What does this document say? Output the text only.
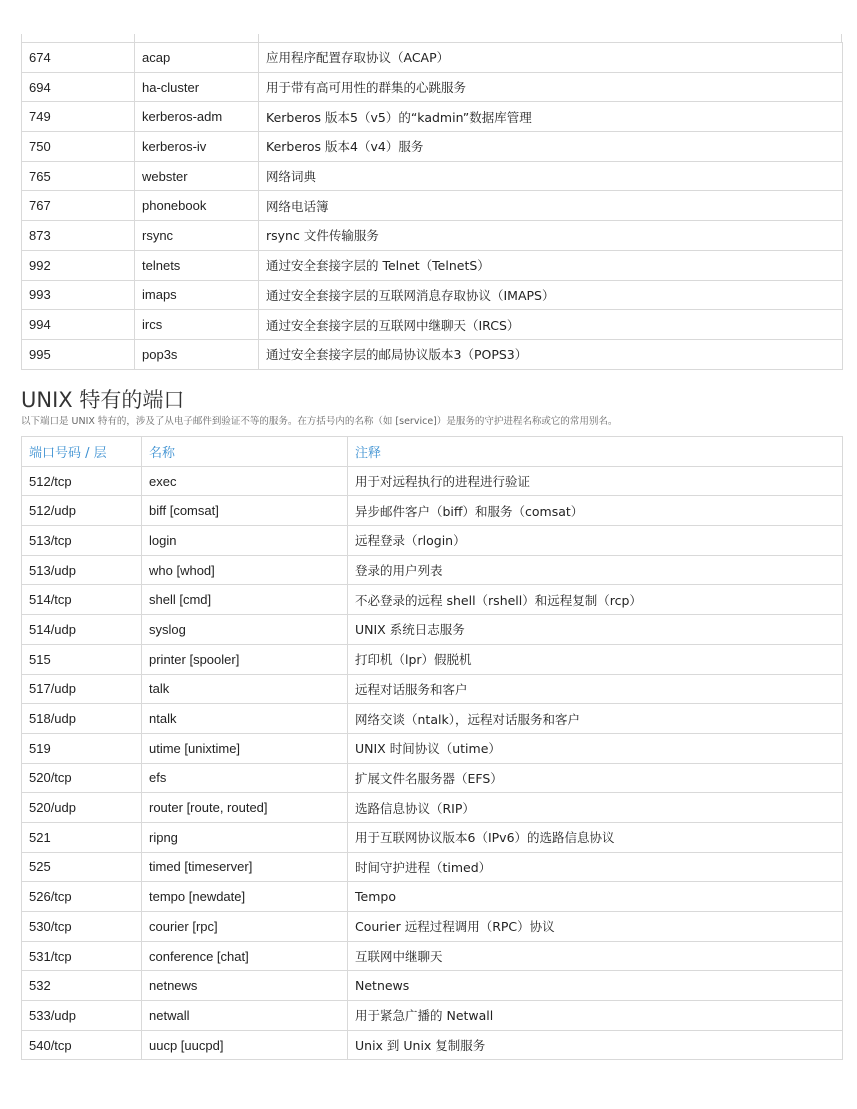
674	acap	应用程序配置存取协议（ACAP）
694	ha-cluster	用于带有高可用性的群集的心跳服务
749	kerberos-adm	Kerberos 版本5（v5）的“kadmin”数据库管理
750	kerberos-iv	Kerberos 版本4（v4）服务
765	webster	网络词典
767	phonebook	网络电话簿
873	rsync	rsync 文件传输服务
992	telnets	通过安全套接字层的 Telnet（TelnetS）
993	imaps	通过安全套接字层的互联网消息存取协议（IMAPS）
994	ircs	通过安全套接字层的互联网中继聊天（IRCS）
995	pop3s	通过安全套接字层的邮局协议版本3（POPS3）
UNIX 特有的端口

以下端口是 UNIX 特有的，涉及了从电子邮件到验证不等的服务。在方括号内的名称（如 [service]）是服务的守护进程名称或它的常用别名。

端口号码 / 层	名称	注释
512/tcp	exec	用于对远程执行的进程进行验证
512/udp	biff [comsat]	异步邮件客户（biff）和服务（comsat）
513/tcp	login	远程登录（rlogin）
513/udp	who [whod]	登录的用户列表
514/tcp	shell [cmd]	不必登录的远程 shell（rshell）和远程复制（rcp）
514/udp	syslog	UNIX 系统日志服务
515	printer [spooler]	打印机（lpr）假脱机
517/udp	talk	远程对话服务和客户
518/udp	ntalk	网络交谈（ntalk），远程对话服务和客户
519	utime [unixtime]	UNIX 时间协议（utime）
520/tcp	efs	扩展文件名服务器（EFS）
520/udp	router [route, routed]	选路信息协议（RIP）
521	ripng	用于互联网协议版本6（IPv6）的选路信息协议
525	timed [timeserver]	时间守护进程（timed）
526/tcp	tempo [newdate]	Tempo
530/tcp	courier [rpc]	Courier 远程过程调用（RPC）协议
531/tcp	conference [chat]	互联网中继聊天
532	netnews	Netnews
533/udp	netwall	用于紧急广播的 Netwall
540/tcp	uucp [uucpd]	Unix 到 Unix 复制服务
